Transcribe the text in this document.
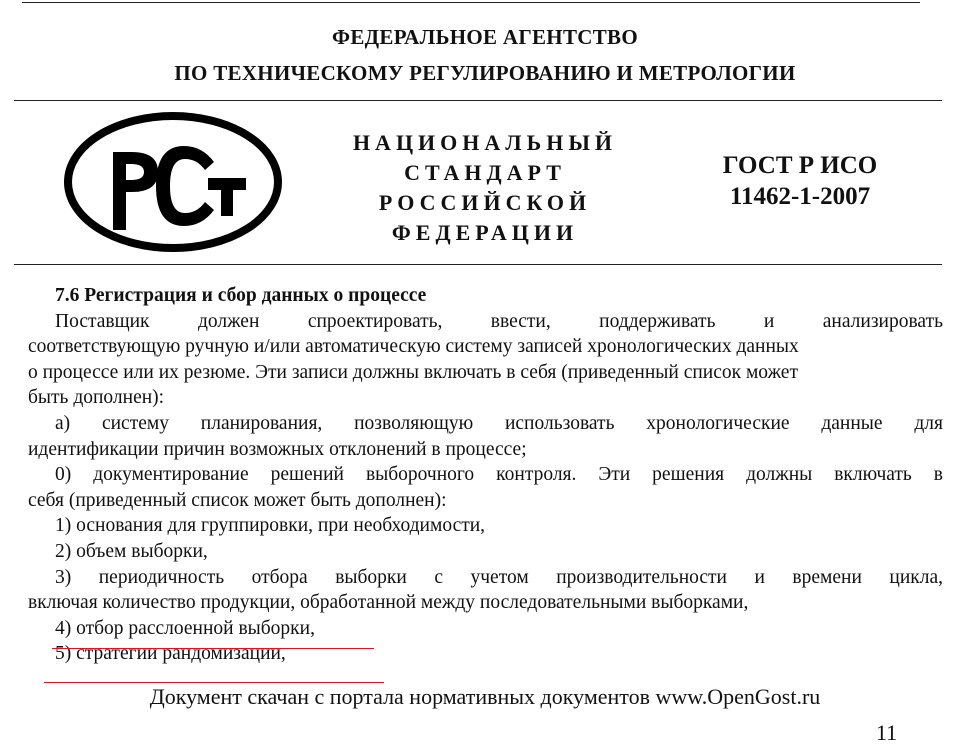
ФЕДЕРАЛЬНОЕ АГЕНТСТВО
ПО ТЕХНИЧЕСКОМУ РЕГУЛИРОВАНИЮ И МЕТРОЛОГИИ
НАЦИОНАЛЬНЫЙ
СТАНДАРТ
РОССИЙСКОЙ
ФЕДЕРАЦИИ
ГОСТ Р ИСО
11462-1-2007
7.6 Регистрация и сбор данных о процессе
Поставщик должен спроектировать, ввести, поддерживать и анализировать
соответствующую ручную и/или автоматическую систему записей хронологических данных
о процессе или их резюме. Эти записи должны включать в себя (приведенный список может
быть дополнен):
а) систему планирования, позволяющую использовать хронологические данные для
идентификации причин возможных отклонений в процессе;
0) документирование решений выборочного контроля. Эти решения должны включать в
себя (приведенный список может быть дополнен):
1) основания для группировки, при необходимости,
2) объем выборки,
3) периодичность отбора выборки с учетом производительности и времени цикла,
включая количество продукции, обработанной между последовательными выборками,
4) отбор расслоенной выборки,
5) стратегии рандомизации,
Документ скачан с портала нормативных документов www.OpenGost.ru
11
